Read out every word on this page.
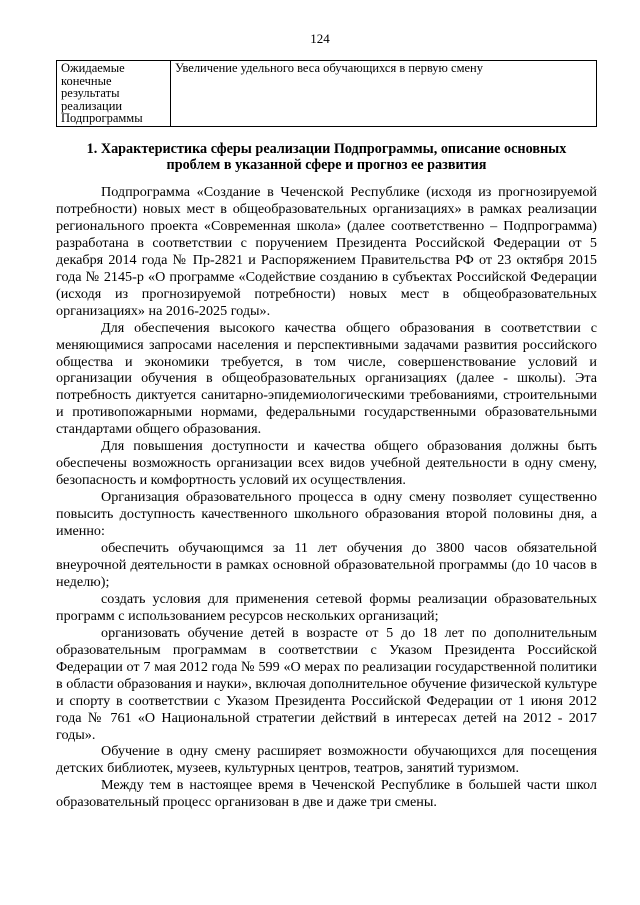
124
Ожидаемые
конечные
результаты
реализации
Подпрограммы
	Увеличение удельного веса обучающихся в первую смену
1. Характеристика сферы реализации Подпрограммы, описание основных
проблем в указанной сфере и прогноз ее развития

Подпрограмма «Создание в Чеченской Республике (исходя из прогнозируемой потребности) новых мест в общеобразовательных организациях» в рамках реализации регионального проекта «Современная школа» (далее соответственно – Подпрограмма) разработана в соответствии с поручением Президента Российской Федерации от 5 декабря 2014 года № Пр-2821 и Распоряжением Правительства РФ от 23 октября 2015 года № 2145-р «О программе «Содействие созданию в субъектах Российской Федерации (исходя из прогнозируемой потребности) новых мест в общеобразовательных организациях» на 2016-2025 годы».

Для обеспечения высокого качества общего образования в соответствии с меняющимися запросами населения и перспективными задачами развития российского общества и экономики требуется, в том числе, совершенствование условий и организации обучения в общеобразовательных организациях (далее - школы). Эта потребность диктуется санитарно-эпидемиологическими требованиями, строительными и противопожарными нормами, федеральными государственными образовательными стандартами общего образования.

Для повышения доступности и качества общего образования должны быть обеспечены возможность организации всех видов учебной деятельности в одну смену, безопасность и комфортность условий их осуществления.

Организация образовательного процесса в одну смену позволяет существенно повысить доступность качественного школьного образования второй половины дня, а именно:

обеспечить обучающимся за 11 лет обучения до 3800 часов обязательной внеурочной деятельности в рамках основной образовательной программы (до 10 часов в неделю);

создать условия для применения сетевой формы реализации образовательных программ с использованием ресурсов нескольких организаций;

организовать обучение детей в возрасте от 5 до 18 лет по дополнительным образовательным программам в соответствии с Указом Президента Российской Федерации от 7 мая 2012 года № 599 «О мерах по реализации государственной политики в области образования и науки», включая дополнительное обучение физической культуре и спорту в соответствии с Указом Президента Российской Федерации от 1 июня 2012 года № 761 «О Национальной стратегии действий в интересах детей на 2012 - 2017 годы».

Обучение в одну смену расширяет возможности обучающихся для посещения детских библиотек, музеев, культурных центров, театров, занятий туризмом.

Между тем в настоящее время в Чеченской Республике в большей части школ образовательный процесс организован в две и даже три смены.
